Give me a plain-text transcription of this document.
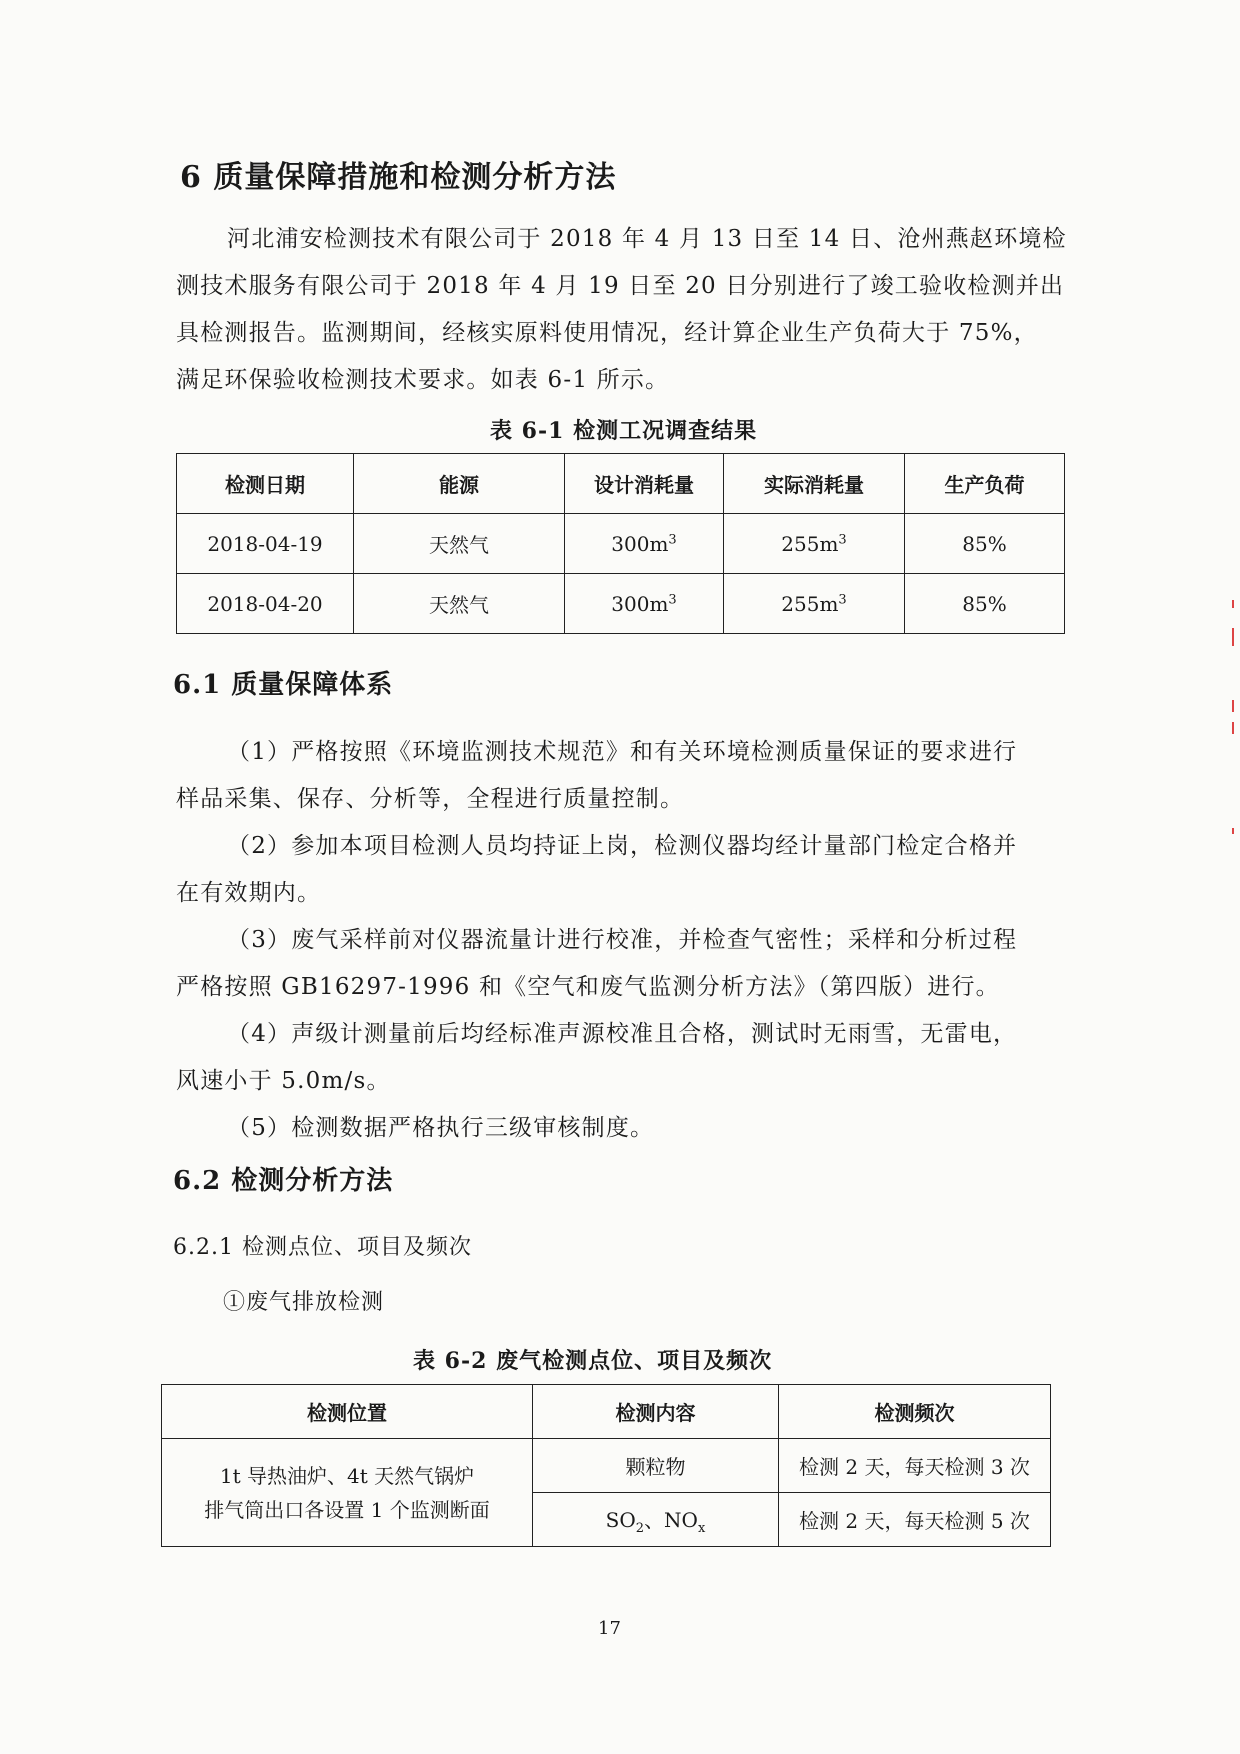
6 质量保障措施和检测分析方法
河北浦安检测技术有限公司于 2018 年 4 月 13 日至 14 日、沧州燕赵环境检
测技术服务有限公司于 2018 年 4 月 19 日至 20 日分别进行了竣工验收检测并出
具检测报告。监测期间，经核实原料使用情况，经计算企业生产负荷大于 75%，
满足环保验收检测技术要求。如表 6-1 所示。
表 6-1 检测工况调查结果
检测日期	能源	设计消耗量	实际消耗量	生产负荷
2018-04-19	天然气	$300m^3$	$255m^3$	85%
2018-04-20	天然气	$300m^3$	$255m^3$	85%
6.1 质量保障体系
（1）严格按照《环境监测技术规范》和有关环境检测质量保证的要求进行
样品采集、保存、分析等，全程进行质量控制。
（2）参加本项目检测人员均持证上岗，检测仪器均经计量部门检定合格并
在有效期内。
（3）废气采样前对仪器流量计进行校准，并检查气密性；采样和分析过程
严格按照 GB16297-1996 和《空气和废气监测分析方法》（第四版）进行。
（4）声级计测量前后均经标准声源校准且合格，测试时无雨雪，无雷电，
风速小于 5.0m/s。
（5）检测数据严格执行三级审核制度。
6.2 检测分析方法
6.2.1 检测点位、项目及频次
①废气排放检测
表 6-2 废气检测点位、项目及频次
检测位置	检测内容	检测频次

1t 导热油炉、4t 天然气锅炉
排气筒出口各设置 1 个监测断面	颗粒物	检测 2 天，每天检测 3 次
	$SO_2$、$NO_x$	检测 2 天，每天检测 5 次
17
